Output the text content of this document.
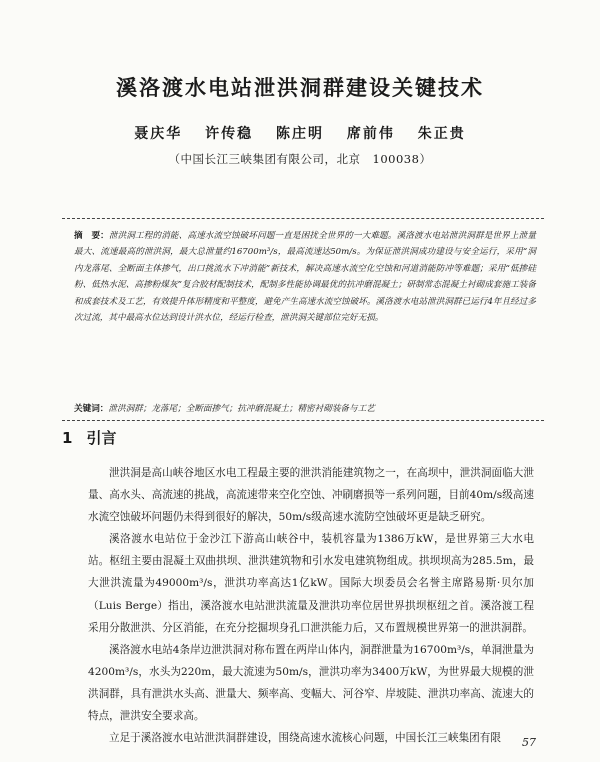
溪洛渡水电站泄洪洞群建设关键技术
聂庆华 许传稳 陈庄明 席前伟 朱正贵
（中国长江三峡集团有限公司，北京　100038）
摘　要：泄洪洞工程的消能、高速水流空蚀破坏问题一直是困扰全世界的一大难题。溪洛渡水电站泄洪洞群是世界上泄量最大、流速最高的泄洪洞，最大总泄量约16700m³/s，最高流速达50m/s。为保证泄洪洞成功建设与安全运行，采用“洞内龙落尾、全断面主体掺气，出口挑流水下冲消能”新技术，解决高速水流空化空蚀和河道消能防冲等难题；采用“低掺硅粉、低热水泥、高掺粉煤灰”复合胶材配制技术，配制多性能协调最优的抗冲磨混凝土；研制常态混凝土衬砌成套施工装备和成套技术及工艺，有效提升体形精度和平整度，避免产生高速水流空蚀破坏。溪洛渡水电站泄洪洞群已运行4年且经过多次过流，其中最高水位达到设计洪水位，经运行检查，泄洪洞关键部位完好无损。
关键词：泄洪洞群；龙落尾；全断面掺气；抗冲磨混凝土；精密衬砌装备与工艺
1 引言

泄洪洞是高山峡谷地区水电工程最主要的泄洪消能建筑物之一，在高坝中，泄洪洞面临大泄量、高水头、高流速的挑战，高流速带来空化空蚀、冲刷磨损等一系列问题，目前40m/s级高速水流空蚀破坏问题仍未得到很好的解决，50m/s级高速水流防空蚀破坏更是缺乏研究。

溪洛渡水电站位于金沙江下游高山峡谷中，装机容量为1386万kW，是世界第三大水电站。枢纽主要由混凝土双曲拱坝、泄洪建筑物和引水发电建筑物组成。拱坝坝高为285.5m，最大泄洪流量为49000m³/s，泄洪功率高达1亿kW。国际大坝委员会名誉主席路易斯·贝尔加（Luis Berge）指出，溪洛渡水电站泄洪流量及泄洪功率位居世界拱坝枢纽之首。溪洛渡工程采用分散泄洪、分区消能，在充分挖掘坝身孔口泄洪能力后，又布置规模世界第一的泄洪洞群。

溪洛渡水电站4条岸边泄洪洞对称布置在两岸山体内，洞群泄量为16700m³/s，单洞泄量为4200m³/s，水头为220m，最大流速为50m/s，泄洪功率为3400万kW，为世界最大规模的泄洪洞群，具有泄洪水头高、泄量大、频率高、变幅大、河谷窄、岸坡陡、泄洪功率高、流速大的特点，泄洪安全要求高。

立足于溪洛渡水电站泄洪洞群建设，围绕高速水流核心问题，中国长江三峡集团有限	57
